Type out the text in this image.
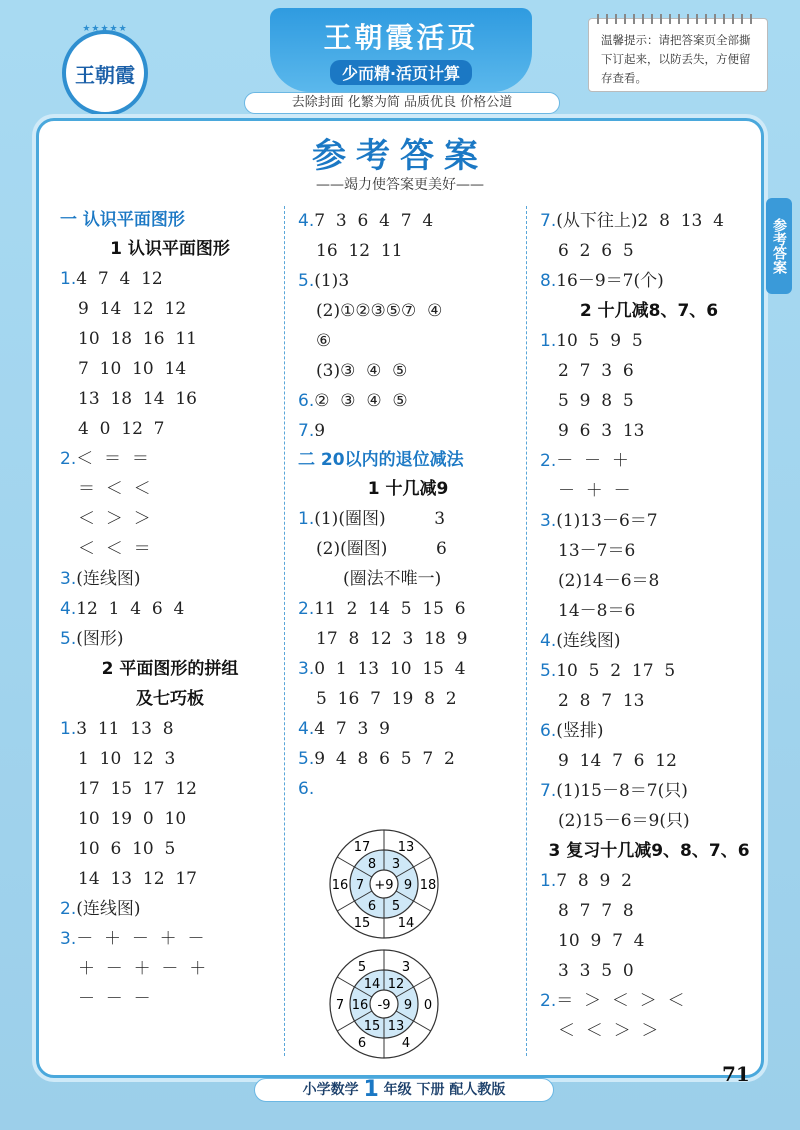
★★★★★
王朝霞
王朝霞活页
少而精·活页计算
去除封面 化繁为简 品质优良 价格公道
温馨提示：请把答案页全部撕下订起来，以防丢失，方便留存查看。
参考答案
参考答案
——竭力使答案更美好——
一 认识平面图形
1 认识平面图形
1.4  7  4  12
9  14  12  12
10  18  16  11
7  10  10  14
13  18  14  16
4  0  12  7
2.＜  ＝  ＝
＝  ＜  ＜
＜  ＞  ＞
＜  ＜  ＝
3.(连线图)
4.12  1  4  6  4
5.(图形)
2 平面图形的拼组
及七巧板
1.3  11  13  8
1  10  12  3
17  15  17  12
10  19  0  10
10  6  10  5
14  13  12  17
2.(连线图)
3.－  ＋  －  ＋  －
＋  －  ＋  －  ＋
－  －  －
4.7  3  6  4  7  4
16  12  11
5.(1)3
(2)①②③⑤⑦  ④
⑥
(3)③  ④  ⑤
6.②  ③  ④  ⑤
7.9
二 20以内的退位减法
1 十几减9
1.(1)(圈图)         3
(2)(圈图)         6
(圈法不唯一)
2.11  2  14  5  15  6
17  8  12  3  18  9
3.0  1  13  10  15  4
5  16  7  19  8  2
4.4  7  3  9
5.9  4  8  6  5  7  2
6.
7.(从下往上)2  8  13  4
6  2  6  5
8.16－9＝7(个)
2 十几减8、7、6
1.10  5  9  5
2  7  3  6
5  9  8  5
9  6  3  13
2.－  －  ＋
－  ＋  －
3.(1)13－6＝7
13－7＝6
(2)14－6＝8
14－8＝6
4.(连线图)
5.10  5  2  17  5
2  8  7  13
6.(竖排)
9  14  7  6  12
7.(1)15－8＝7(只)
(2)15－6＝9(只)
3 复习十几减9、8、7、6
1.7  8  9  2
8  7  7  8
10  9  7  4
3  3  5  0
2.＝  ＞  ＜  ＞  ＜
＜  ＜  ＞  ＞
+9
3
13
9 18
5
14
6
15
7
16
8
17
-9
12
3
9 0
13
4
15
6
16
7
14
5
小学数学 1 年级 下册 配人教版
71
